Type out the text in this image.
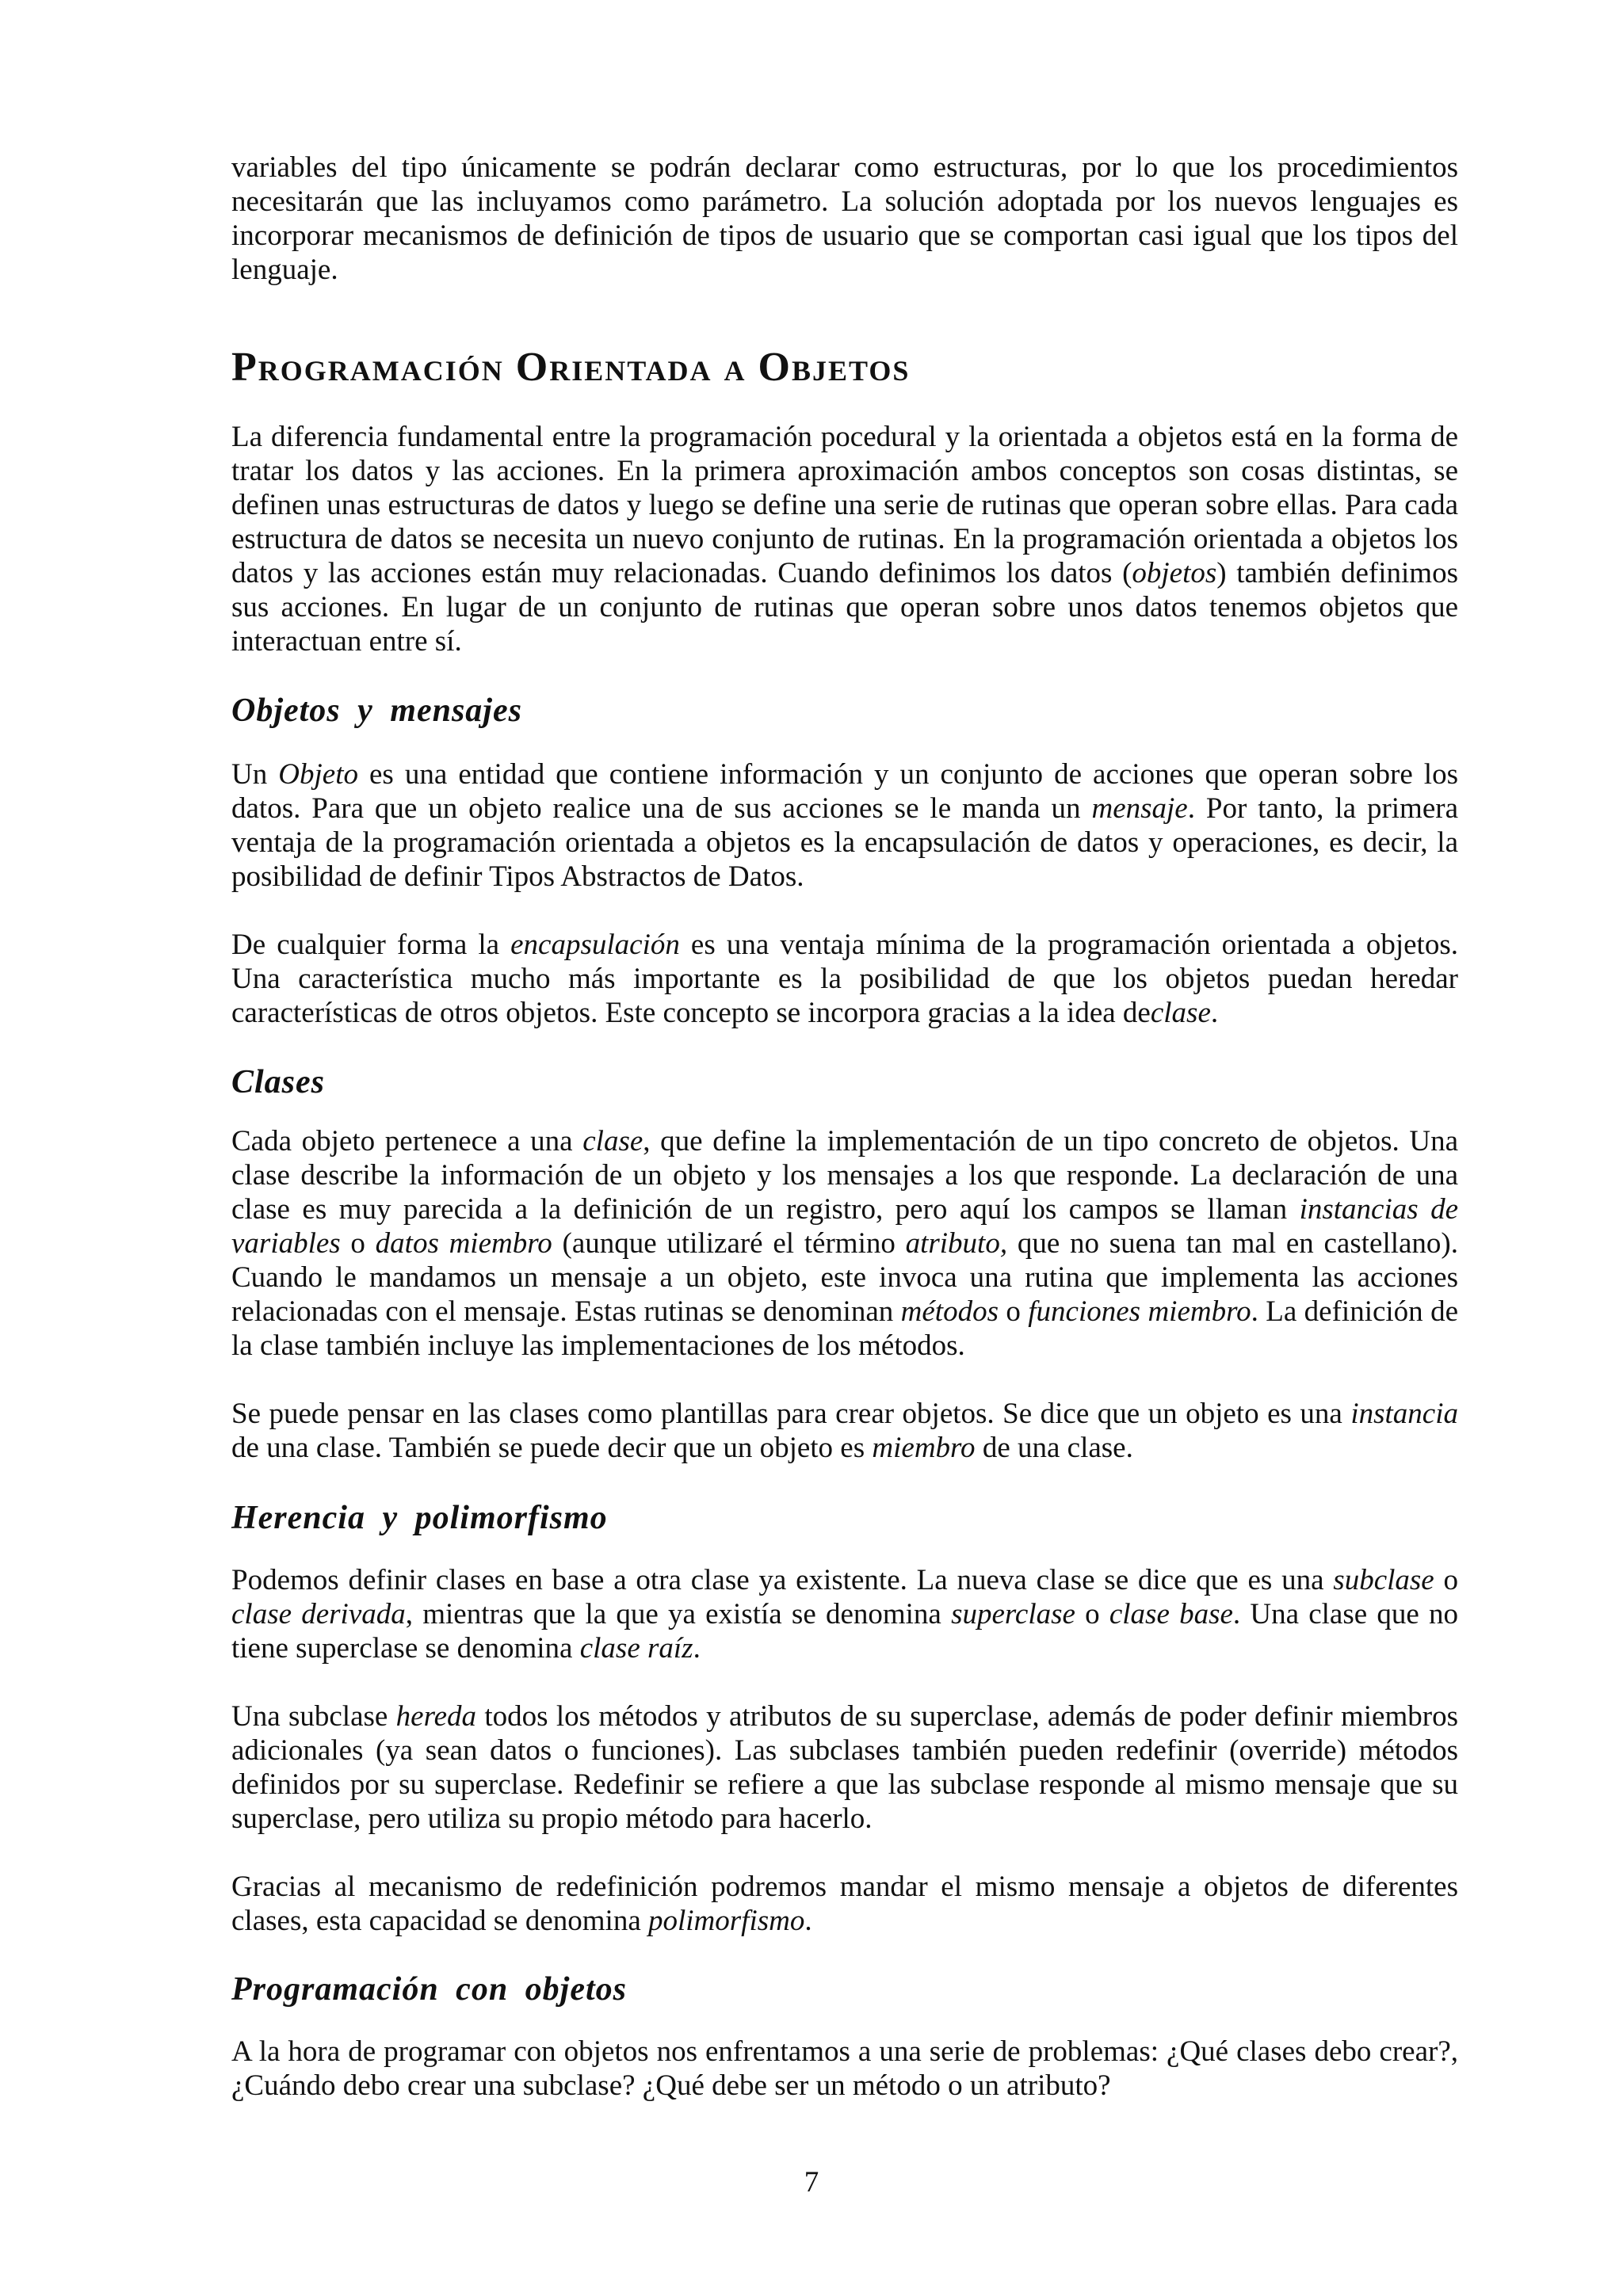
variables del tipo únicamente se podrán declarar como estructuras, por lo que los procedimientos necesitarán que las incluyamos como parámetro. La solución adoptada por los nuevos lenguajes es incorporar mecanismos de definición de tipos de usuario que se comportan casi igual que los tipos del lenguaje.

Programación Orientada a Objetos

La diferencia fundamental entre la programación pocedural y la orientada a objetos está en la forma de tratar los datos y las acciones. En la primera aproximación ambos conceptos son cosas distintas, se definen unas estructuras de datos y luego se define una serie de rutinas que operan sobre ellas. Para cada estructura de datos se necesita un nuevo conjunto de rutinas. En la programación orientada a objetos los datos y las acciones están muy relacionadas. Cuando definimos los datos (objetos) también definimos sus acciones. En lugar de un conjunto de rutinas que operan sobre unos datos tenemos objetos que interactuan entre sí.

Objetos y mensajes

Un Objeto es una entidad que contiene información y un conjunto de acciones que operan sobre los datos. Para que un objeto realice una de sus acciones se le manda un mensaje. Por tanto, la primera ventaja de la programación orientada a objetos es la encapsulación de datos y operaciones, es decir, la posibilidad de definir Tipos Abstractos de Datos.

De cualquier forma la encapsulación es una ventaja mínima de la programación orientada a objetos. Una característica mucho más importante es la posibilidad de que los objetos puedan heredar características de otros objetos. Este concepto se incorpora gracias a la idea declase.

Clases

Cada objeto pertenece a una clase, que define la implementación de un tipo concreto de objetos. Una clase describe la información de un objeto y los mensajes a los que responde. La declaración de una clase es muy parecida a la definición de un registro, pero aquí los campos se llaman instancias de variables o datos miembro (aunque utilizaré el término atributo, que no suena tan mal en castellano). Cuando le mandamos un mensaje a un objeto, este invoca una rutina que implementa las acciones relacionadas con el mensaje. Estas rutinas se denominan métodos o funciones miembro. La definición de la clase también incluye las implementaciones de los métodos.

Se puede pensar en las clases como plantillas para crear objetos. Se dice que un objeto es una instancia de una clase. También se puede decir que un objeto es miembro de una clase.

Herencia y polimorfismo

Podemos definir clases en base a otra clase ya existente. La nueva clase se dice que es una subclase o clase derivada, mientras que la que ya existía se denomina superclase o clase base. Una clase que no tiene superclase se denomina clase raíz.

Una subclase hereda todos los métodos y atributos de su superclase, además de poder definir miembros adicionales (ya sean datos o funciones). Las subclases también pueden redefinir (override) métodos definidos por su superclase. Redefinir se refiere a que las subclase responde al mismo mensaje que su superclase, pero utiliza su propio método para hacerlo.

Gracias al mecanismo de redefinición podremos mandar el mismo mensaje a objetos de diferentes clases, esta capacidad se denomina polimorfismo.

Programación con objetos

A la hora de programar con objetos nos enfrentamos a una serie de problemas: ¿Qué clases debo crear?, ¿Cuándo debo crear una subclase? ¿Qué debe ser un método o un atributo?

7
